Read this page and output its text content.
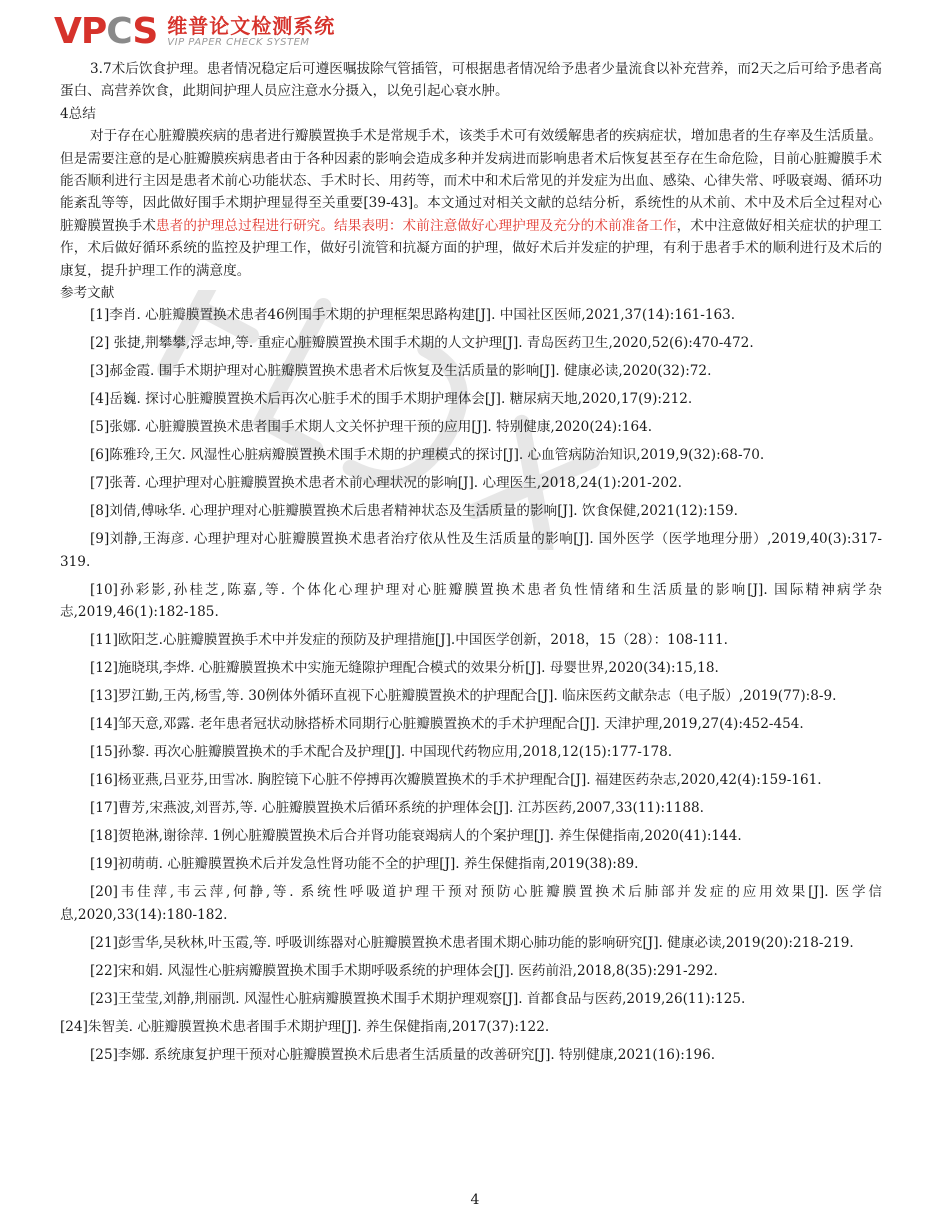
VPCS 维普论文检测系统
VIP PAPER CHECK SYSTEM

3.7术后饮食护理。患者情况稳定后可遵医嘱拔除气管插管，可根据患者情况给予患者少量流食以补充营养，而2天之后可给予患者高蛋白、高营养饮食，此期间护理人员应注意水分摄入，以免引起心衰水肿。

4总结

对于存在心脏瓣膜疾病的患者进行瓣膜置换手术是常规手术，该类手术可有效缓解患者的疾病症状，增加患者的生存率及生活质量。但是需要注意的是心脏瓣膜疾病患者由于各种因素的影响会造成多种并发病进而影响患者术后恢复甚至存在生命危险，目前心脏瓣膜手术能否顺利进行主因是患者术前心功能状态、手术时长、用药等，而术中和术后常见的并发症为出血、感染、心律失常、呼吸衰竭、循环功能紊乱等等，因此做好围手术期护理显得至关重要[39-43]。本文通过对相关文献的总结分析，系统性的从术前、术中及术后全过程对心脏瓣膜置换手术患者的护理总过程进行研究。结果表明：术前注意做好心理护理及充分的术前准备工作，术中注意做好相关症状的护理工作，术后做好循环系统的监控及护理工作，做好引流管和抗凝方面的护理，做好术后并发症的护理，有利于患者手术的顺利进行及术后的康复，提升护理工作的满意度。

参考文献

[1]李肖. 心脏瓣膜置换术患者46例围手术期的护理框架思路构建[J]. 中国社区医师,2021,37(14):161-163.

[2] 张捷,荆攀攀,浮志坤,等. 重症心脏瓣膜置换术围手术期的人文护理[J]. 青岛医药卫生,2020,52(6):470-472.

[3]郝金霞. 围手术期护理对心脏瓣膜置换术患者术后恢复及生活质量的影响[J]. 健康必读,2020(32):72.

[4]岳巍. 探讨心脏瓣膜置换术后再次心脏手术的围手术期护理体会[J]. 糖尿病天地,2020,17(9):212.

[5]张娜. 心脏瓣膜置换术患者围手术期人文关怀护理干预的应用[J]. 特别健康,2020(24):164.

[6]陈雅玲,王欠. 风湿性心脏病瓣膜置换术围手术期的护理模式的探讨[J]. 心血管病防治知识,2019,9(32):68-70.

[7]张菁. 心理护理对心脏瓣膜置换术患者术前心理状况的影响[J]. 心理医生,2018,24(1):201-202.

[8]刘倩,傅咏华. 心理护理对心脏瓣膜置换术后患者精神状态及生活质量的影响[J]. 饮食保健,2021(12):159.

[9]刘静,王海彦. 心理护理对心脏瓣膜置换术患者治疗依从性及生活质量的影响[J]. 国外医学（医学地理分册）,2019,40(3):317-319.

[10]孙彩影,孙桂芝,陈嘉,等. 个体化心理护理对心脏瓣膜置换术患者负性情绪和生活质量的影响[J]. 国际精神病学杂志,2019,46(1):182-185.

[11]欧阳芝.心脏瓣膜置换手术中并发症的预防及护理措施[J].中国医学创新，2018，15（28）：108-111.

[12]施晓琪,李烨. 心脏瓣膜置换术中实施无缝隙护理配合模式的效果分析[J]. 母婴世界,2020(34):15,18.

[13]罗江勤,王芮,杨雪,等. 30例体外循环直视下心脏瓣膜置换术的护理配合[J]. 临床医药文献杂志（电子版）,2019(77):8-9.

[14]邹天意,邓露. 老年患者冠状动脉搭桥术同期行心脏瓣膜置换术的手术护理配合[J]. 天津护理,2019,27(4):452-454.

[15]孙黎. 再次心脏瓣膜置换术的手术配合及护理[J]. 中国现代药物应用,2018,12(15):177-178.

[16]杨亚燕,吕亚芬,田雪冰. 胸腔镜下心脏不停搏再次瓣膜置换术的手术护理配合[J]. 福建医药杂志,2020,42(4):159-161.

[17]曹芳,宋燕波,刘晋苏,等. 心脏瓣膜置换术后循环系统的护理体会[J]. 江苏医药,2007,33(11):1188.

[18]贺艳淋,谢徐萍. 1例心脏瓣膜置换术后合并肾功能衰竭病人的个案护理[J]. 养生保健指南,2020(41):144.

[19]初萌萌. 心脏瓣膜置换术后并发急性肾功能不全的护理[J]. 养生保健指南,2019(38):89.

[20]韦佳萍,韦云萍,何静,等. 系统性呼吸道护理干预对预防心脏瓣膜置换术后肺部并发症的应用效果[J]. 医学信息,2020,33(14):180-182.

[21]彭雪华,吴秋林,叶玉霞,等. 呼吸训练器对心脏瓣膜置换术患者围术期心肺功能的影响研究[J]. 健康必读,2019(20):218-219.

[22]宋和娟. 风湿性心脏病瓣膜置换术围手术期呼吸系统的护理体会[J]. 医药前沿,2018,8(35):291-292.

[23]王莹莹,刘静,荆丽凯. 风湿性心脏病瓣膜置换术围手术期护理观察[J]. 首都食品与医药,2019,26(11):125.

[24]朱智美. 心脏瓣膜置换术患者围手术期护理[J]. 养生保健指南,2017(37):122.

[25]李娜. 系统康复护理干预对心脏瓣膜置换术后患者生活质量的改善研究[J]. 特别健康,2021(16):196.

4
